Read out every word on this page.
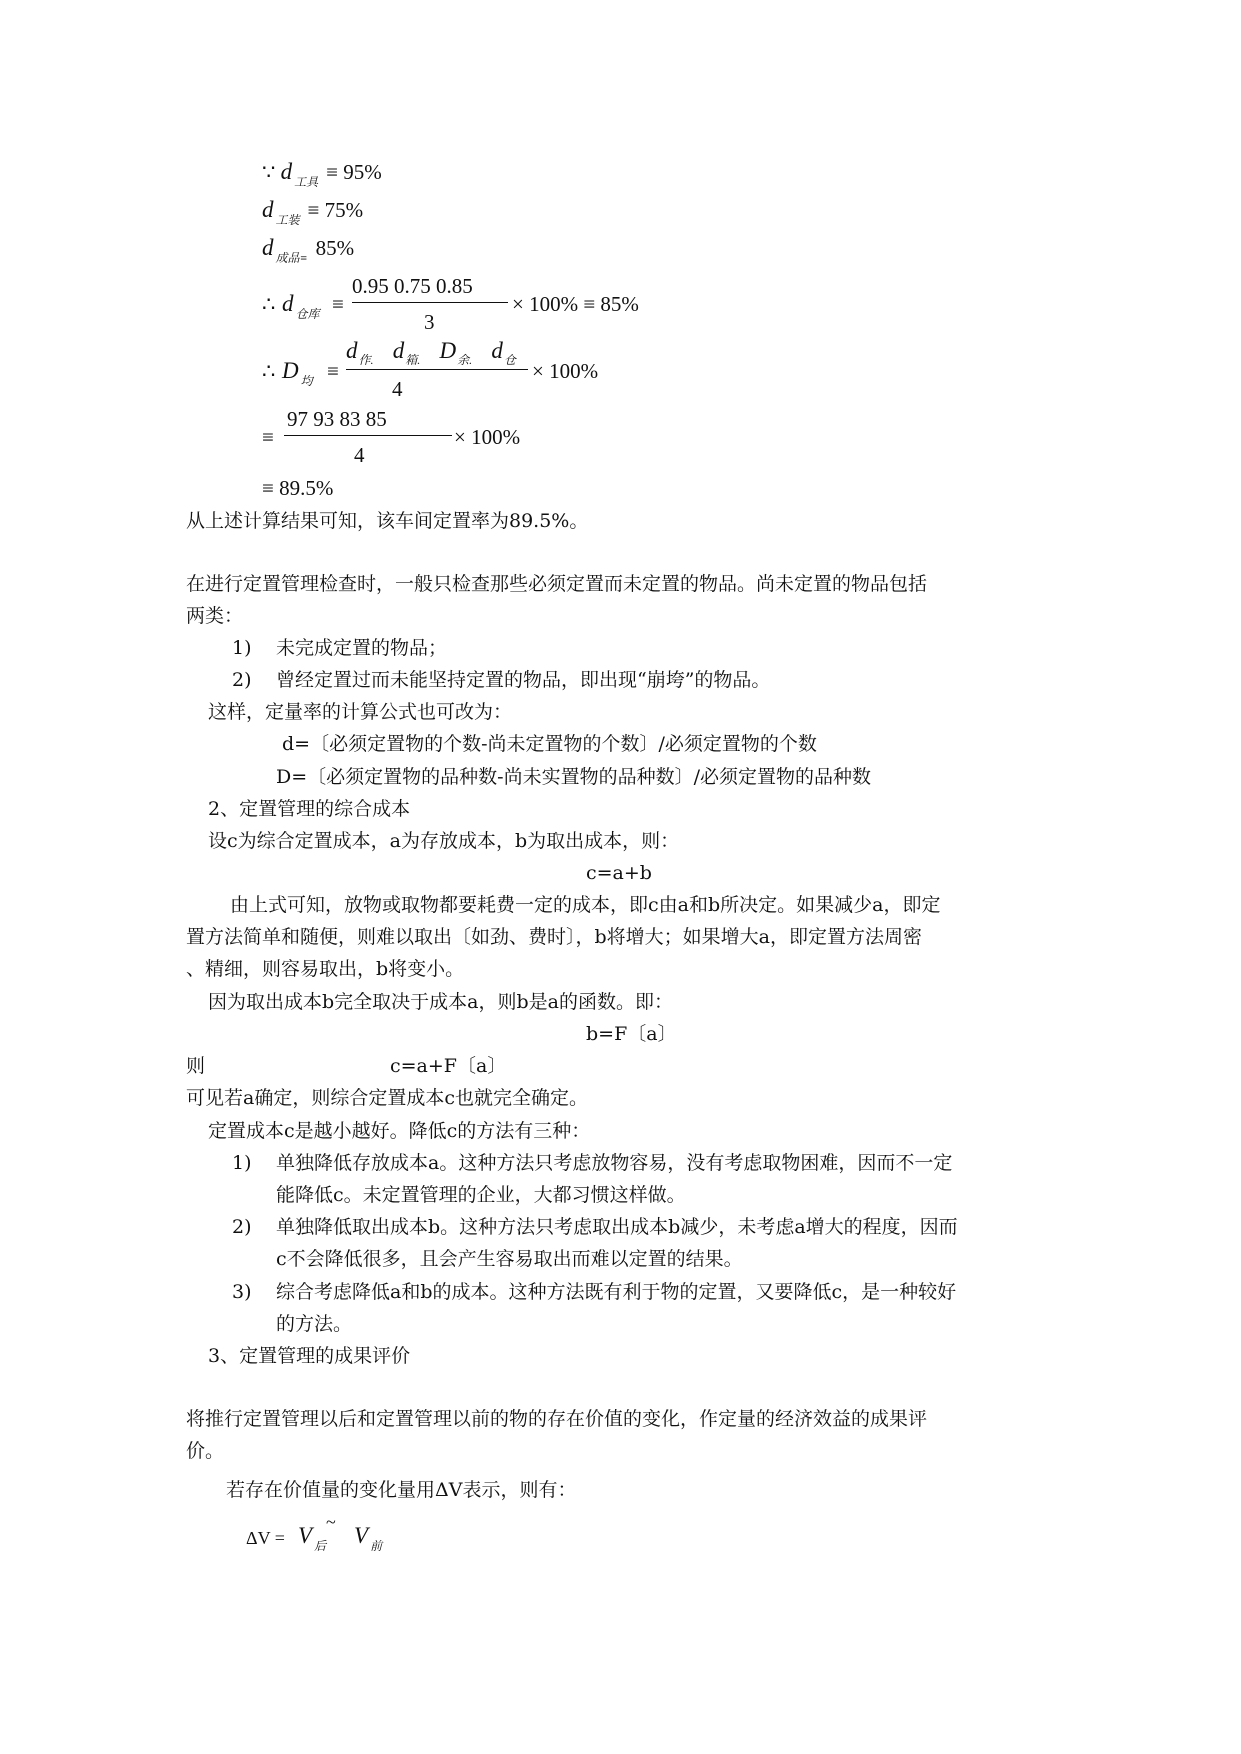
∵ d $_{工具}$ ≡ 95%
d $_{工装}$ ≡ 75%
d $_{成品\equiv}$ 85%
∴ d $_{仓库}$ ≡
0.95 0.75 0.85
3
× 100% ≡ 85%
∴ D $_均$ ≡
$d_{作.}$ $d_{箱.}$ $D_{余.}$ $d_仓$
4
× 100%
≡
97 93 83 85
4
× 100%
≡ 89.5%
从上述计算结果可知，该车间定置率为89.5%。
在进行定置管理检查时，一般只检查那些必须定置而未定置的物品。尚未定置的物品包括
两类：
1) 未完成定置的物品；
2) 曾经定置过而未能坚持定置的物品，即出现“崩垮”的物品。
这样，定量率的计算公式也可改为：
d=〔必须定置物的个数-尚未定置物的个数〕/必须定置物的个数
D=〔必须定置物的品种数-尚未实置物的品种数〕/必须定置物的品种数
2、定置管理的综合成本
设c为综合定置成本，a为存放成本，b为取出成本，则：
c=a+b
由上式可知，放物或取物都要耗费一定的成本，即c由a和b所决定。如果减少a，即定
置方法简单和随便，则难以取出〔如劲、费时〕，b将增大；如果增大a，即定置方法周密
、精细，则容易取出，b将变小。
因为取出成本b完全取决于成本a，则b是a的函数。即：
b=F〔a〕
则	c=a+F〔a〕
可见若a确定，则综合定置成本c也就完全确定。
定置成本c是越小越好。降低c的方法有三种：
1) 单独降低存放成本a。这种方法只考虑放物容易，没有考虑取物困难，因而不一定
能降低c。未定置管理的企业，大都习惯这样做。
2) 单独降低取出成本b。这种方法只考虑取出成本b减少，未考虑a增大的程度，因而
c不会降低很多，且会产生容易取出而难以定置的结果。
3) 综合考虑降低a和b的成本。这种方法既有利于物的定置，又要降低c，是一种较好
的方法。
3、定置管理的成果评价
将推行定置管理以后和定置管理以前的物的存在价值的变化，作定量的经济效益的成果评
价。
若存在价值量的变化量用ΔV表示，则有：
ΔV = V $_后$
~
V $_前$
